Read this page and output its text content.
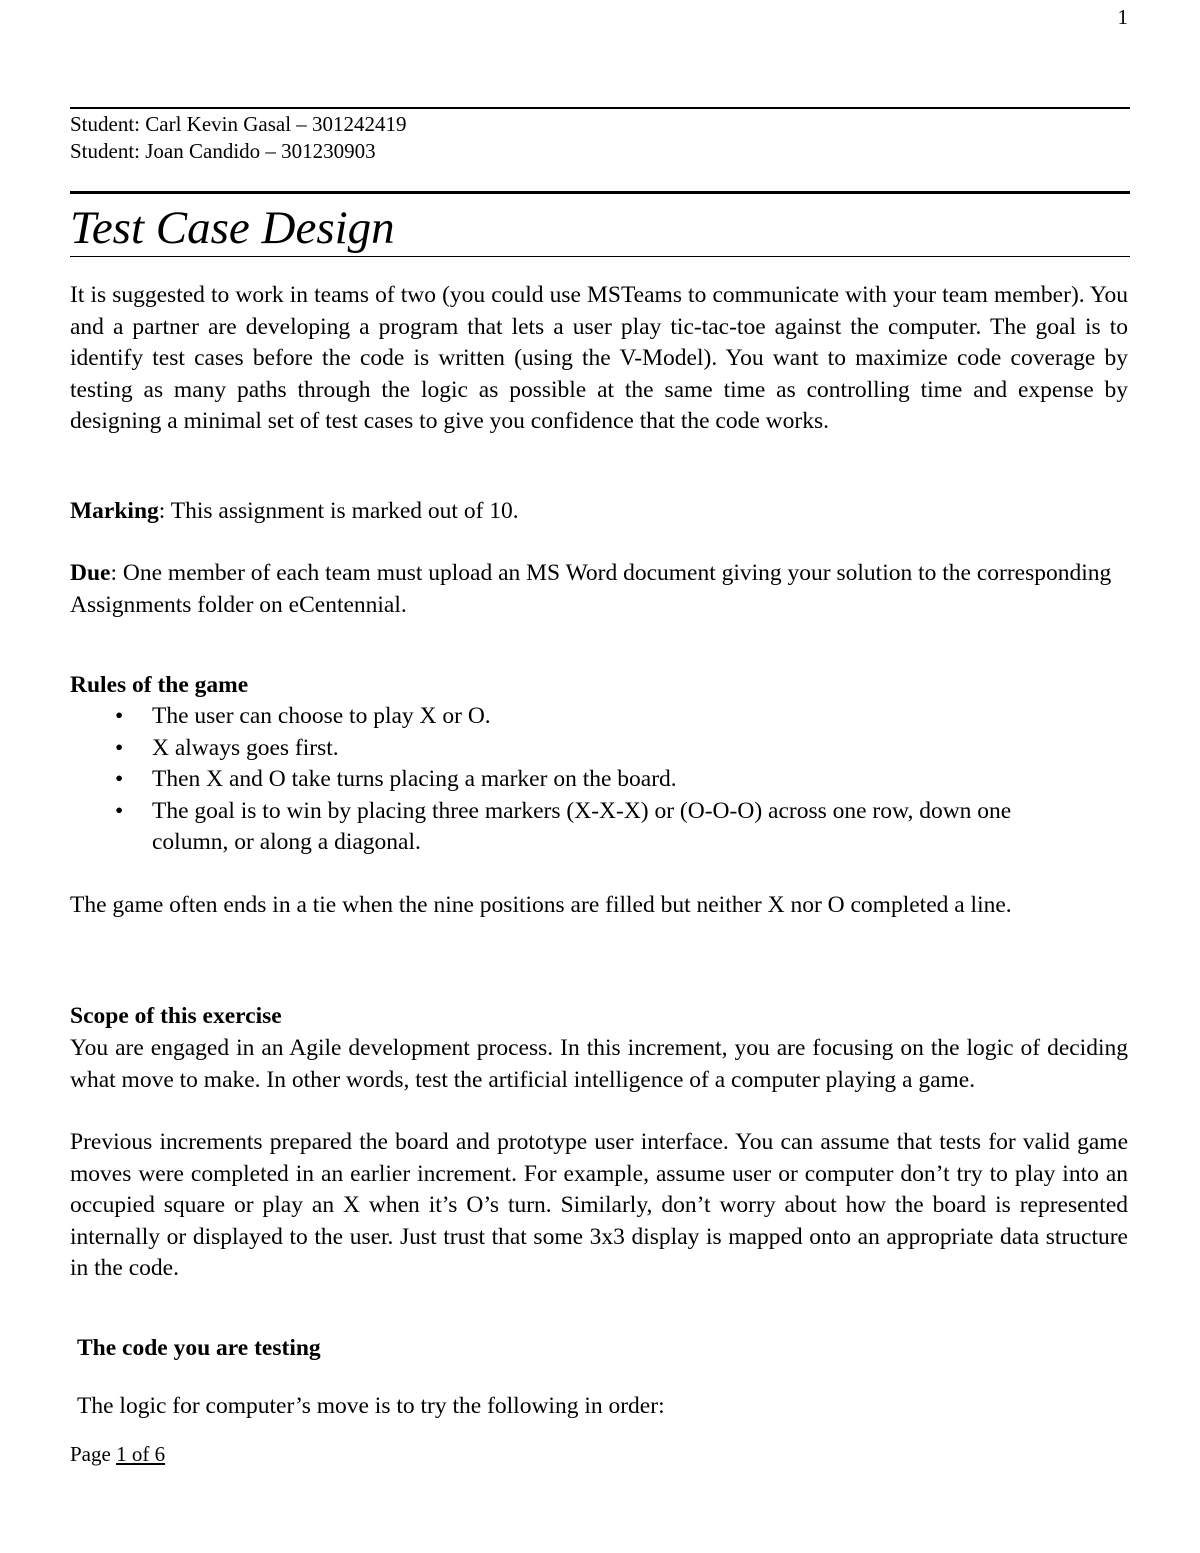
1
Student: Carl Kevin Gasal – 301242419
Student: Joan Candido – 301230903
Test Case Design

It is suggested to work in teams of two (you could use MSTeams to communicate with your team member). You and a partner are developing a program that lets a user play tic-tac-toe against the computer. The goal is to identify test cases before the code is written (using the V-Model). You want to maximize code coverage by testing as many paths through the logic as possible at the same time as controlling time and expense by designing a minimal set of test cases to give you confidence that the code works.

Marking: This assignment is marked out of 10.

Due: One member of each team must upload an MS Word document giving your solution to the corresponding Assignments folder on eCentennial.

Rules of the game
• The user can choose to play X or O.
• X always goes first.
• Then X and O take turns placing a marker on the board.
• The goal is to win by placing three markers (X-X-X) or (O-O-O) across one row, down one column, or along a diagonal.

The game often ends in a tie when the nine positions are filled but neither X nor O completed a line.

Scope of this exercise

You are engaged in an Agile development process. In this increment, you are focusing on the logic of deciding what move to make. In other words, test the artificial intelligence of a computer playing a game.

Previous increments prepared the board and prototype user interface. You can assume that tests for valid game moves were completed in an earlier increment. For example, assume user or computer don’t try to play into an occupied square or play an X when it’s O’s turn. Similarly, don’t worry about how the board is represented internally or displayed to the user. Just trust that some 3x3 display is mapped onto an appropriate data structure in the code.

The code you are testing

The logic for computer’s move is to try the following in order:

Page 1 of 6
